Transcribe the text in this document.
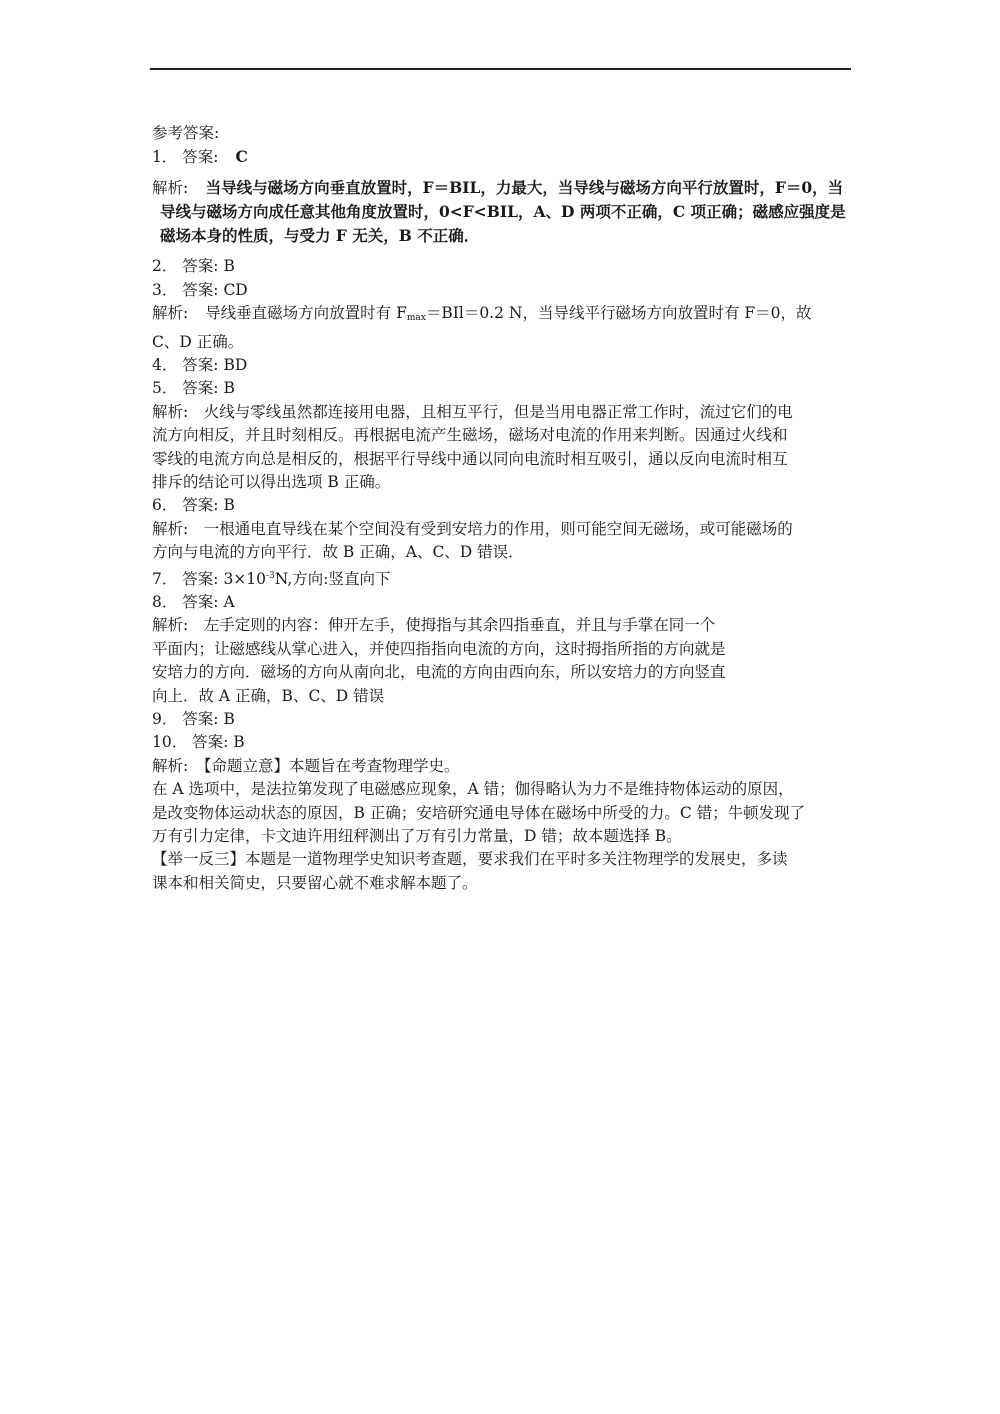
参考答案:
1． 答案: C
解析: 当导线与磁场方向垂直放置时，F＝BIL，力最大，当导线与磁场方向平行放置时，F＝0，当导线与磁场方向成任意其他角度放置时，0<F<BIL，A、D 两项不正确，C 项正确；磁感应强度是磁场本身的性质，与受力 F 无关，B 不正确．
2． 答案: B
3． 答案: CD
解析: 导线垂直磁场方向放置时有 $F_{max}=BIl=0.2$ N，当导线平行磁场方向放置时有 F＝0，故
C、D 正确。
4． 答案: BD
5． 答案: B
解析:　火线与零线虽然都连接用电器，且相互平行，但是当用电器正常工作时，流过它们的电
流方向相反，并且时刻相反。再根据电流产生磁场，磁场对电流的作用来判断。因通过火线和
零线的电流方向总是相反的，根据平行导线中通以同向电流时相互吸引，通以反向电流时相互
排斥的结论可以得出选项 B 正确。
6． 答案: B
解析:　一根通电直导线在某个空间没有受到安培力的作用，则可能空间无磁场，或可能磁场的
方向与电流的方向平行．故 B 正确，A、C、D 错误．
7． 答案: $3\times 10^{-3}N$,方向:竖直向下
8． 答案: A
解析:　左手定则的内容：伸开左手，使拇指与其余四指垂直，并且与手掌在同一个
平面内；让磁感线从掌心进入，并使四指指向电流的方向，这时拇指所指的方向就是
安培力的方向．磁场的方向从南向北，电流的方向由西向东，所以安培力的方向竖直
向上．故 A 正确，B、C、D 错误
9． 答案: B
10． 答案: B
解析:　【命题立意】本题旨在考查物理学史。
在 A 选项中，是法拉第发现了电磁感应现象，A 错；伽得略认为力不是维持物体运动的原因，
是改变物体运动状态的原因，B 正确；安培研究通电导体在磁场中所受的力。C 错；牛顿发现了
万有引力定律，卡文迪许用纽秤测出了万有引力常量，D 错；故本题选择 B。
【举一反三】本题是一道物理学史知识考查题，要求我们在平时多关注物理学的发展史，多读
课本和相关简史，只要留心就不难求解本题了。
